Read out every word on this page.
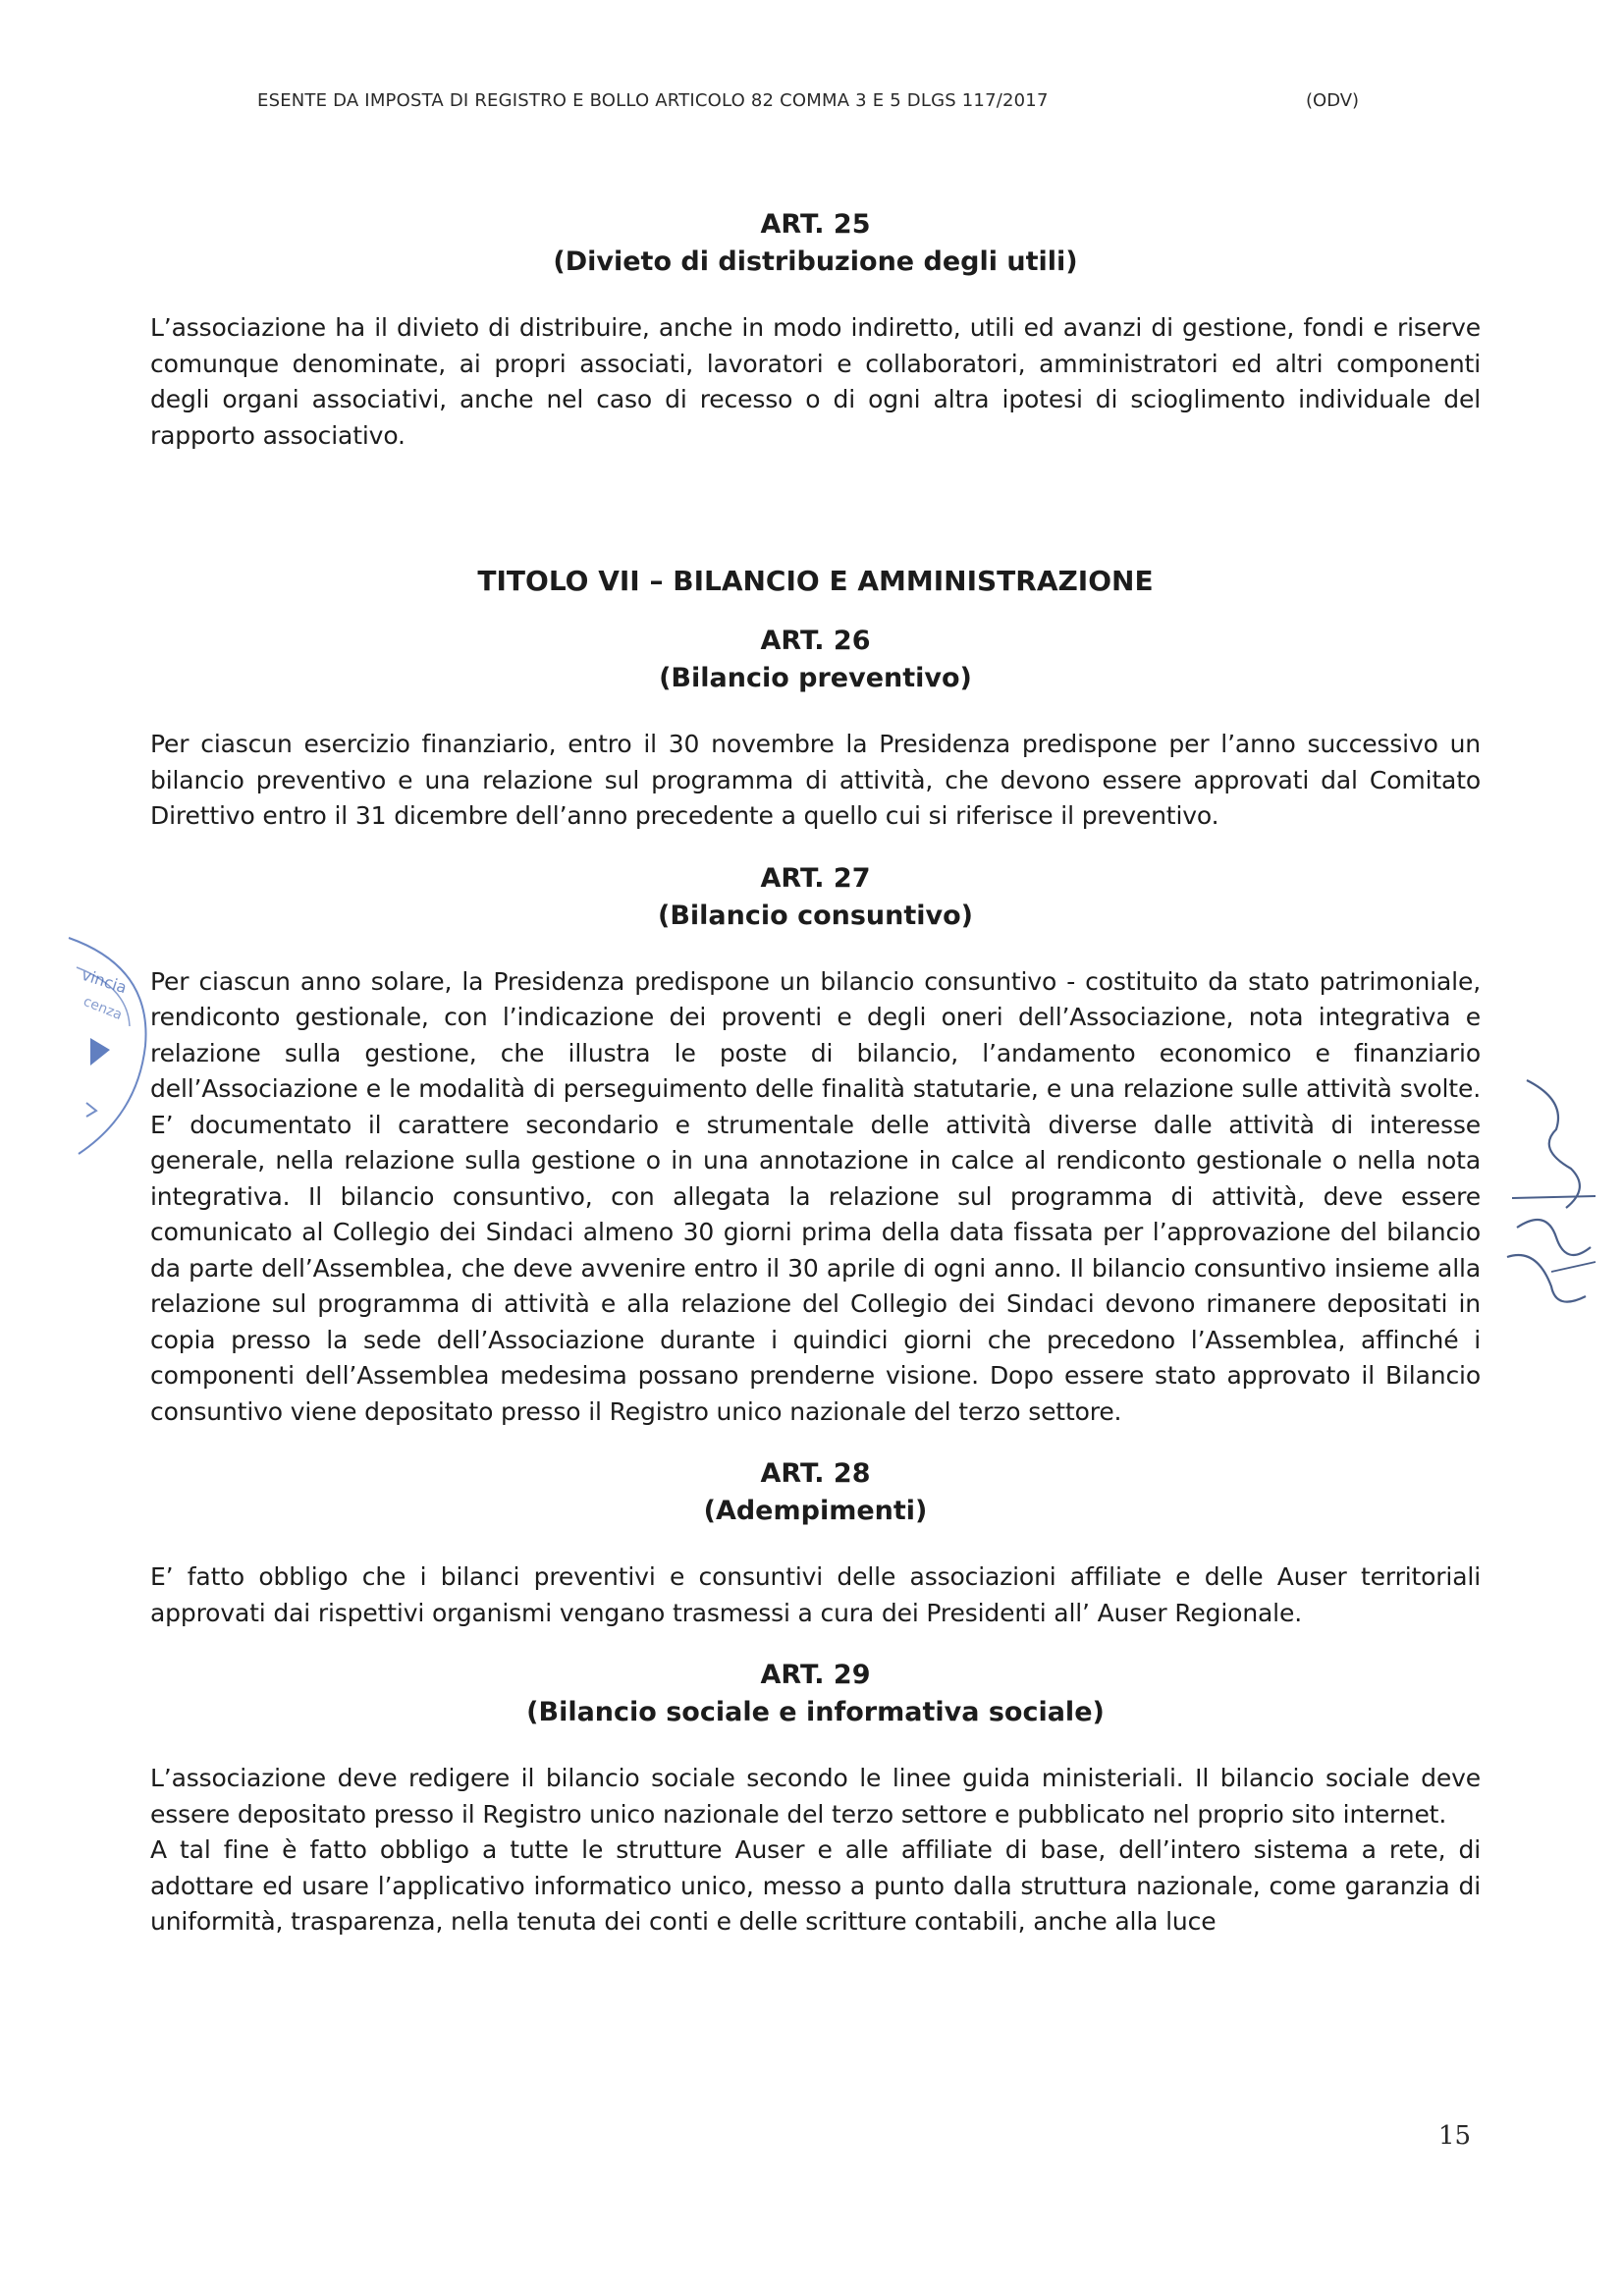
ESENTE DA IMPOSTA DI REGISTRO E BOLLO ARTICOLO 82 COMMA 3 E 5 DLGS 117/2017	(ODV)
vincia
cenza

ART. 25

(Divieto di distribuzione degli utili)

L’associazione ha il divieto di distribuire, anche in modo indiretto, utili ed avanzi di gestione, fondi e riserve comunque denominate, ai propri associati, lavoratori e collaboratori, amministratori ed altri componenti degli organi associativi, anche nel caso di recesso o di ogni altra ipotesi di scioglimento individuale del rapporto associativo.

TITOLO VII – BILANCIO E AMMINISTRAZIONE

ART. 26

(Bilancio preventivo)

Per ciascun esercizio finanziario, entro il 30 novembre la Presidenza predispone per l’anno successivo un bilancio preventivo e una relazione sul programma di attività, che devono essere approvati dal Comitato Direttivo entro il 31 dicembre dell’anno precedente a quello cui si riferisce il preventivo.

ART. 27

(Bilancio consuntivo)

Per ciascun anno solare, la Presidenza predispone un bilancio consuntivo - costituito da stato patrimoniale, rendiconto gestionale, con l’indicazione dei proventi e degli oneri dell’Associazione, nota integrativa e relazione sulla gestione, che illustra le poste di bilancio, l’andamento economico e finanziario dell’Associazione e le modalità di perseguimento delle finalità statutarie, e una relazione sulle attività svolte. E’ documentato il carattere secondario e strumentale delle attività diverse dalle attività di interesse generale, nella relazione sulla gestione o in una annotazione in calce al rendiconto gestionale o nella nota integrativa. Il bilancio consuntivo, con allegata la relazione sul programma di attività, deve essere comunicato al Collegio dei Sindaci almeno 30 giorni prima della data fissata per l’approvazione del bilancio da parte dell’Assemblea, che deve avvenire entro il 30 aprile di ogni anno. Il bilancio consuntivo insieme alla relazione sul programma di attività e alla relazione del Collegio dei Sindaci devono rimanere depositati in copia presso la sede dell’Associazione durante i quindici giorni che precedono l’Assemblea, affinché i componenti dell’Assemblea medesima possano prenderne visione. Dopo essere stato approvato il Bilancio consuntivo viene depositato presso il Registro unico nazionale del terzo settore.

ART. 28

(Adempimenti)

E’ fatto obbligo che i bilanci preventivi e consuntivi delle associazioni affiliate e delle Auser territoriali approvati dai rispettivi organismi vengano trasmessi a cura dei Presidenti all’ Auser Regionale.

ART. 29

(Bilancio sociale e informativa sociale)

L’associazione deve redigere il bilancio sociale secondo le linee guida ministeriali. Il bilancio sociale deve essere depositato presso il Registro unico nazionale del terzo settore e pubblicato nel proprio sito internet.

A tal fine è fatto obbligo a tutte le strutture Auser e alle affiliate di base, dell’intero sistema a rete, di adottare ed usare l’applicativo informatico unico, messo a punto dalla struttura nazionale, come garanzia di uniformità, trasparenza, nella tenuta dei conti e delle scritture contabili, anche alla luce

15
